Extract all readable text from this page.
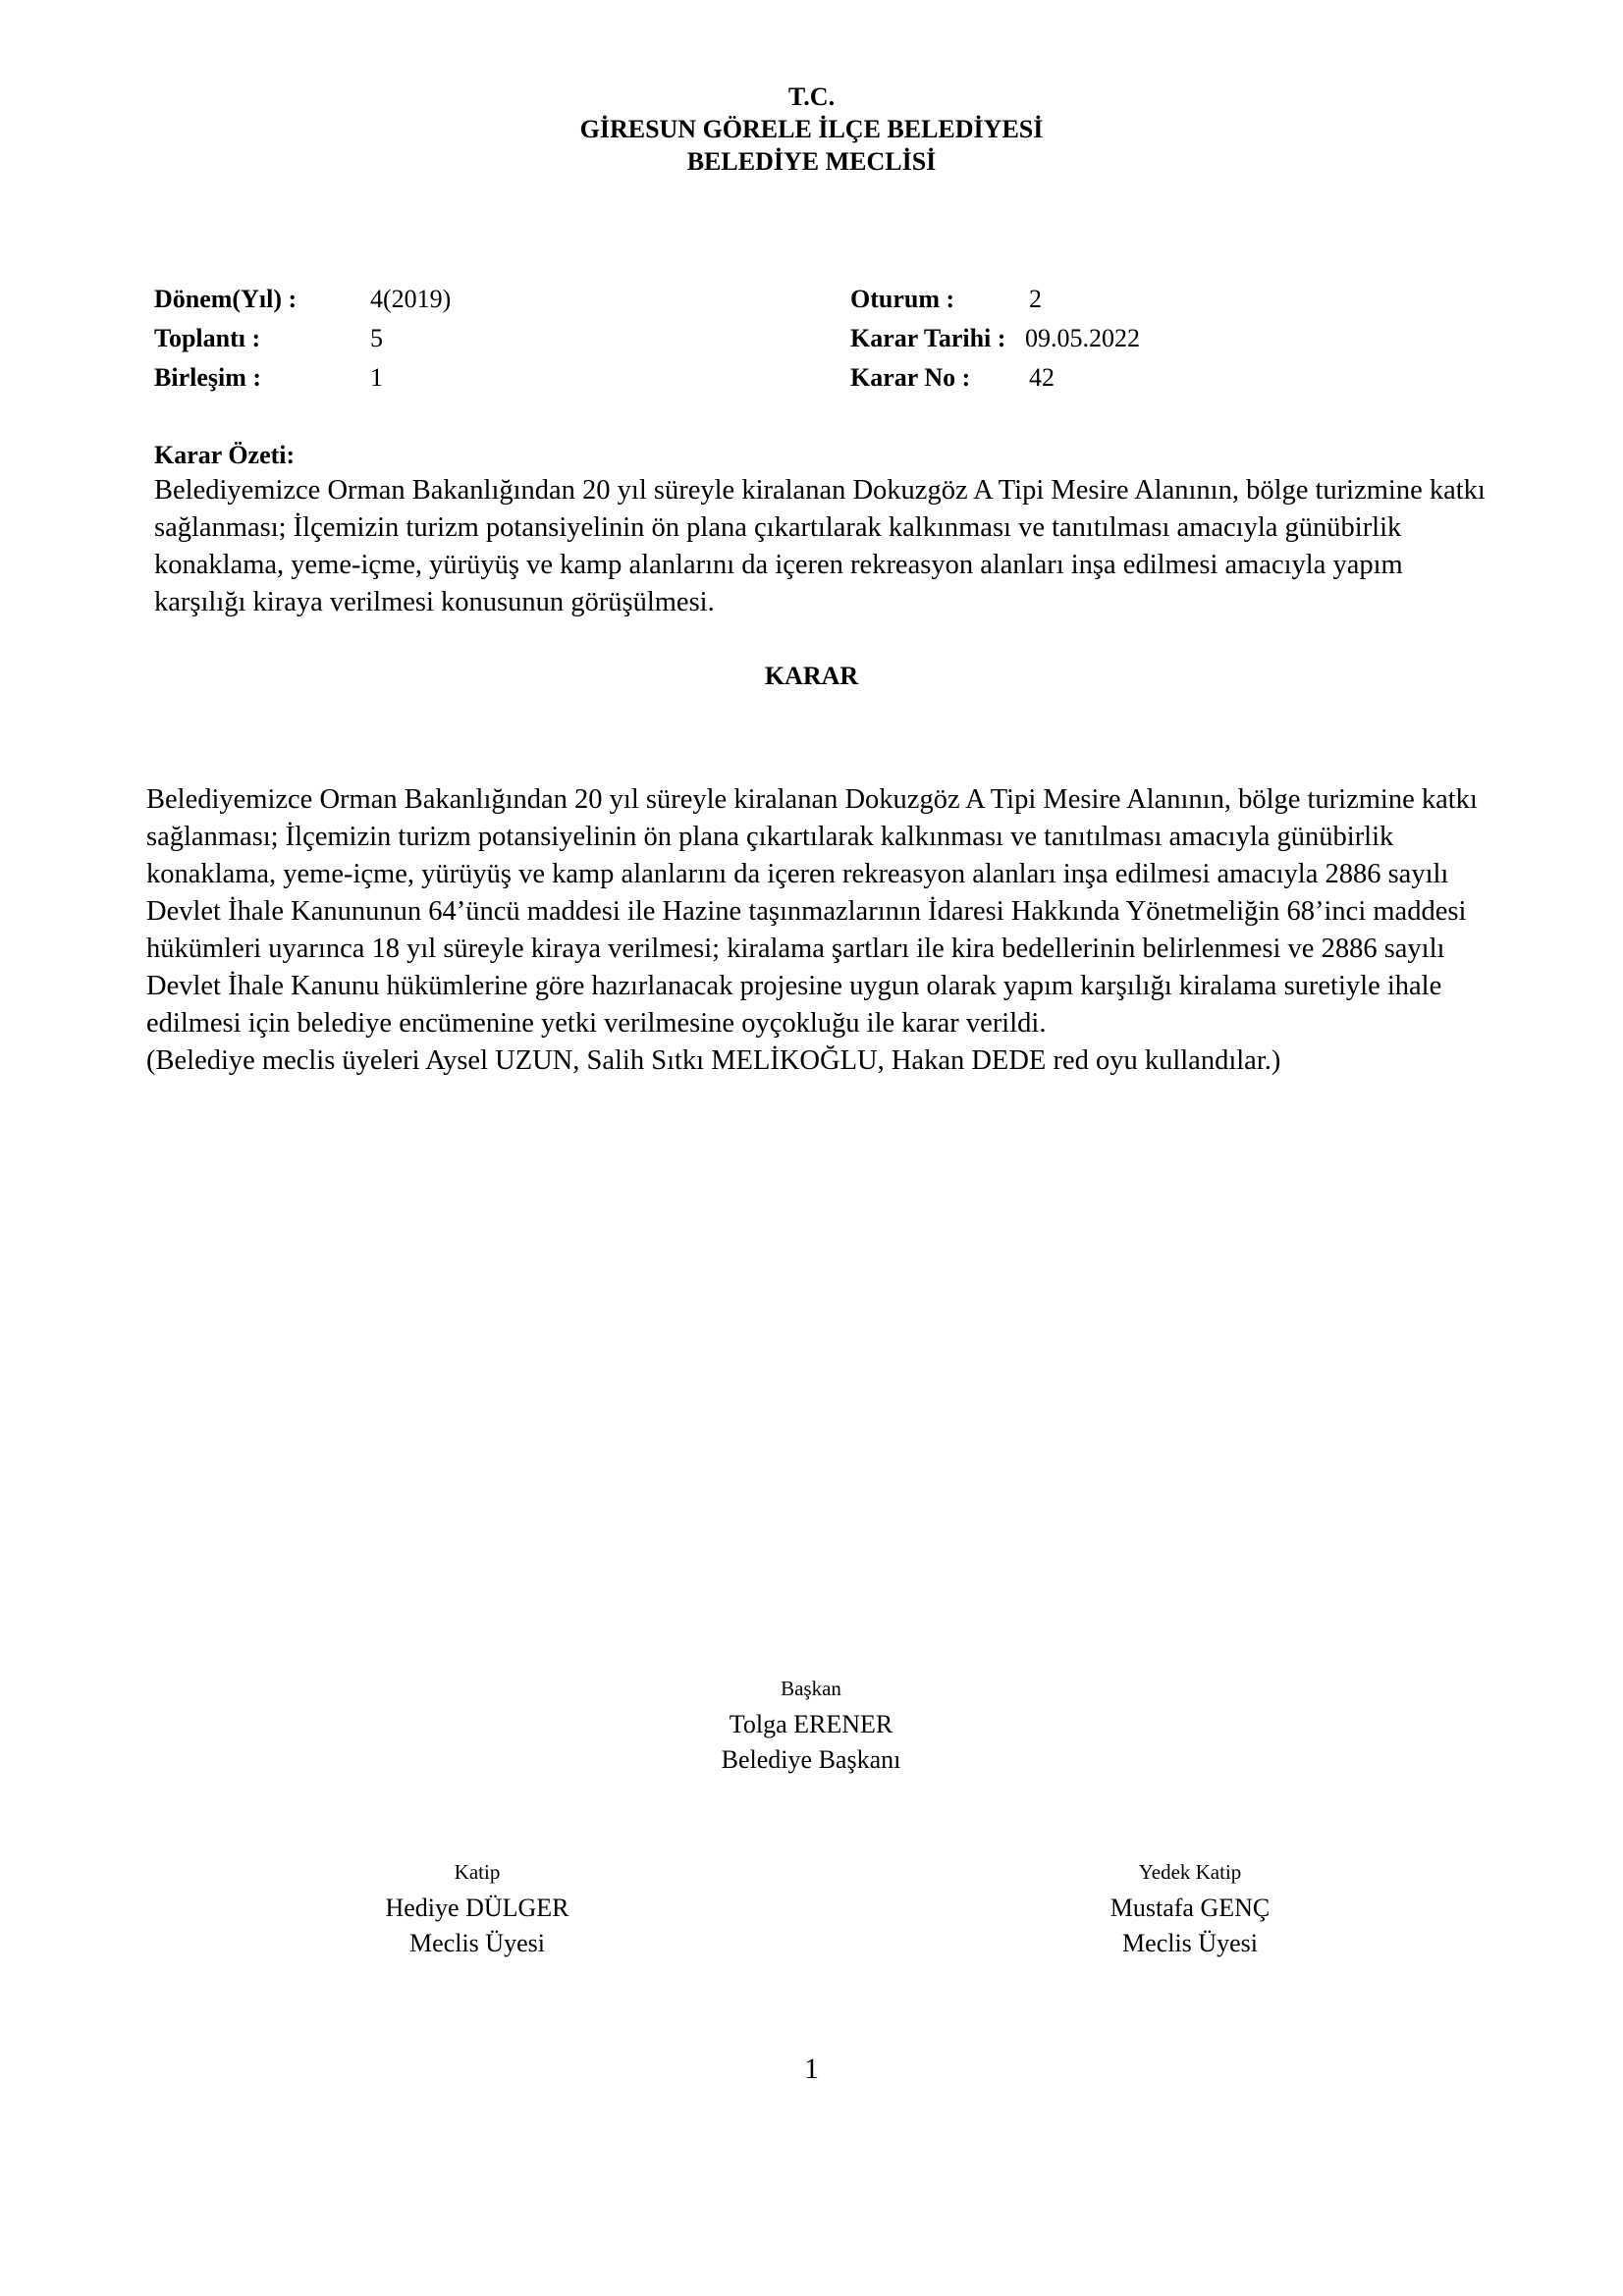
T.C.
GİRESUN GÖRELE İLÇE BELEDİYESİ
BELEDİYE MECLİSİ
Dönem(Yıl) :	4(2019)	Oturum :	2
Toplantı :	5	Karar Tarihi : 09.05.2022
Birleşim :	1	Karar No : 42
Karar Özeti:
Belediyemizce Orman Bakanlığından 20 yıl süreyle kiralanan Dokuzgöz A Tipi Mesire Alanının, bölge turizmine katkı sağlanması; İlçemizin turizm potansiyelinin ön plana çıkartılarak kalkınması ve tanıtılması amacıyla günübirlik konaklama, yeme-içme, yürüyüş ve kamp alanlarını da içeren rekreasyon alanları inşa edilmesi amacıyla yapım karşılığı kiraya verilmesi konusunun görüşülmesi.
KARAR

Belediyemizce Orman Bakanlığından 20 yıl süreyle kiralanan Dokuzgöz A Tipi Mesire Alanının, bölge turizmine katkı sağlanması; İlçemizin turizm potansiyelinin ön plana çıkartılarak kalkınması ve tanıtılması amacıyla günübirlik konaklama, yeme-içme, yürüyüş ve kamp alanlarını da içeren rekreasyon alanları inşa edilmesi amacıyla 2886 sayılı Devlet İhale Kanununun 64’üncü maddesi ile Hazine taşınmazlarının İdaresi Hakkında Yönetmeliğin 68’inci maddesi hükümleri uyarınca 18 yıl süreyle kiraya verilmesi; kiralama şartları ile kira bedellerinin belirlenmesi ve 2886 sayılı Devlet İhale Kanunu hükümlerine göre hazırlanacak projesine uygun olarak yapım karşılığı kiralama suretiyle ihale edilmesi için belediye encümenine yetki verilmesine oyçokluğu ile karar verildi.

(Belediye meclis üyeleri Aysel UZUN, Salih Sıtkı MELİKOĞLU, Hakan DEDE red oyu kullandılar.)

Başkan
Tolga ERENER
Belediye Başkanı
Katip
Hediye DÜLGER
Meclis Üyesi
Yedek Katip
Mustafa GENÇ
Meclis Üyesi
1
